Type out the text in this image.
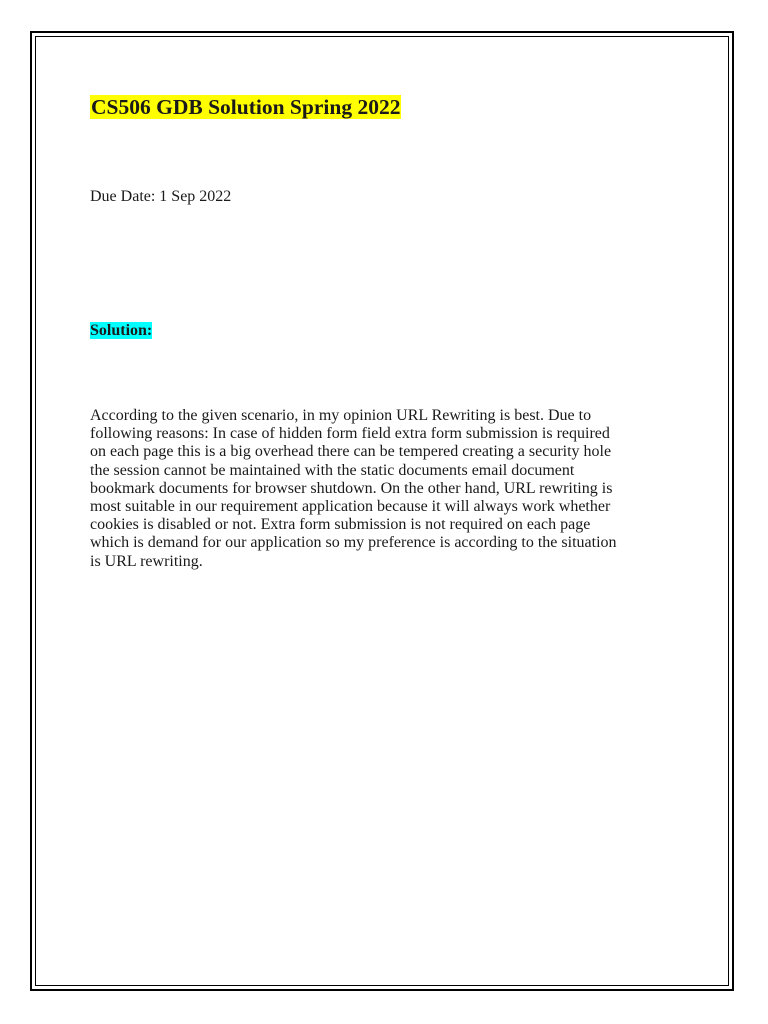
CS506 GDB Solution Spring 2022

Due Date: 1 Sep 2022

Solution:

According to the given scenario, in my opinion URL Rewriting is best. Due to
following reasons: In case of hidden form field extra form submission is required
on each page this is a big overhead there can be tempered creating a security hole
the session cannot be maintained with the static documents email document
bookmark documents for browser shutdown. On the other hand, URL rewriting is
most suitable in our requirement application because it will always work whether
cookies is disabled or not. Extra form submission is not required on each page
which is demand for our application so my preference is according to the situation
is URL rewriting.
